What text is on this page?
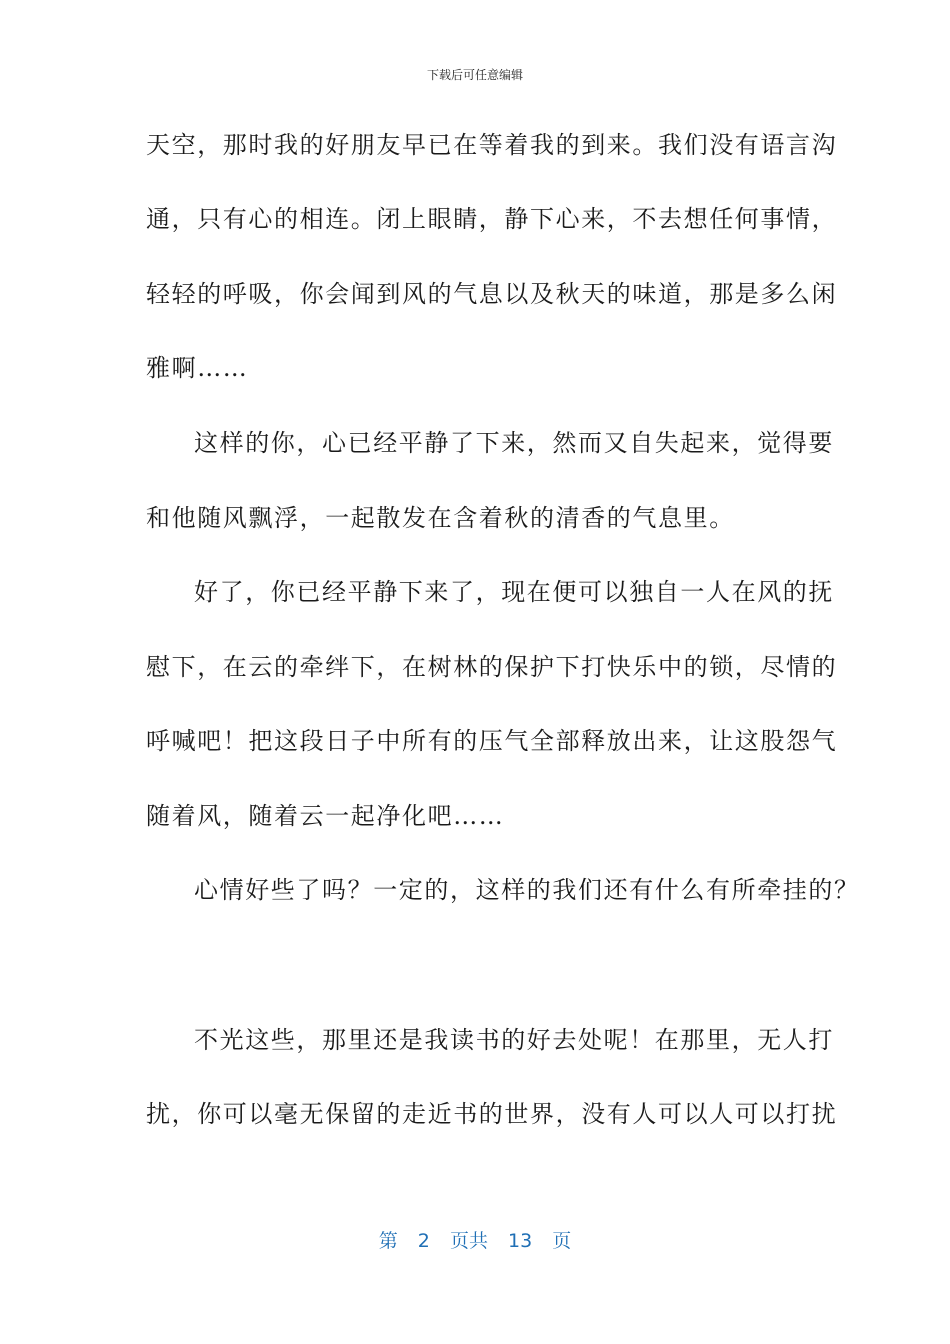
下载后可任意编辑
天空，那时我的好朋友早已在等着我的到来。我们没有语言沟
通，只有心的相连。闭上眼睛，静下心来，不去想任何事情，
轻轻的呼吸，你会闻到风的气息以及秋天的味道，那是多么闲
雅啊……
这样的你，心已经平静了下来，然而又自失起来，觉得要
和他随风飘浮，一起散发在含着秋的清香的气息里。
好了，你已经平静下来了，现在便可以独自一人在风的抚
慰下，在云的牵绊下，在树林的保护下打快乐中的锁，尽情的
呼喊吧！把这段日子中所有的压气全部释放出来，让这股怨气
随着风，随着云一起净化吧……
心情好些了吗？一定的，这样的我们还有什么有所牵挂的？
不光这些，那里还是我读书的好去处呢！在那里，无人打
扰，你可以毫无保留的走近书的世界，没有人可以人可以打扰
第 2 页共 13 页
